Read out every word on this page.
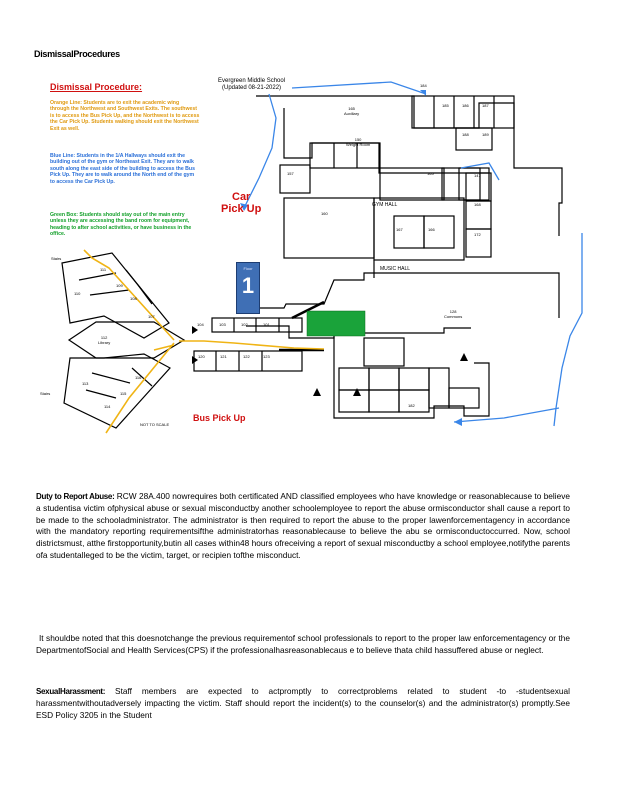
DismissalProcedures
Evergreen Middle School
(Updated 08-21-2022)
Dismissal Procedure:
Orange Line: Students are to exit the academic wing through the Northwest and Southwest Exits. The southwest is to access the Bus Pick Up, and the Northwest is to access the Car Pick Up. Students walking should exit the Northwest Exit as well.
Blue Line: Students in the 1/A Hallways should exit the building out of the gym or Northeast Exit. They are to walk south along the east side of the building to access the Bus Pick Up. They are to walk around the North end of the gym to access the Car Pick Up.
Green Box: Students should stay out of the main entry unless they are accessing the band room for equipment, heading to after school activities, or have business in the office.
Car
Pick Up
Bus Pick Up
NOT TO SCALE
Floor
1
GYM HALL
MUSIC HALL
Stairs
Stairs
111
110
109
108
107
112
Library
113
114
115
116
104	103	102	101
120	121	122	123
165
Auxiliary
150
Weight Room
157	165	147
168
172
160
167	166
128
Commons
182
184
185	186	187
188	189
Duty to Report Abuse: RCW 28A.400 nowrequires both certificated AND classified employees who have knowledge or reasonablecause to believe a studentisa victim ofphysical abuse or sexual misconductby another schoolemployee to report the abuse ormisconductor shall cause a report to be made to the schooladministrator. The administrator is then required to report the abuse to the proper lawenforcementagency in accordance with the mandatory reporting requirementsifthe administratorhas reasonablecause to believe the abu se ormisconductoccurred. Now, school districtsmust, atthe firstopportunity,butin all cases within48 hours ofreceiving a report of sexual misconductby a school employee,notifythe parents ofa studentalleged to be the victim, target, or recipien tofthe misconduct.
It shouldbe noted that this doesnotchange the previous requirementof school professionals to report to the proper law enforcementagency or the DepartmentofSocial and Health Services(CPS) if the professionalhasreasonablecaus e to believe thata child hassuffered abuse or neglect.
SexualHarassment: Staff members are expected to actpromptly to correctproblems related to student -to -studentsexual harassmentwithoutadversely impacting the victim. Staff should report the incident(s) to the counselor(s) and the administrator(s) promptly.See ESD Policy 3205 in the Student
